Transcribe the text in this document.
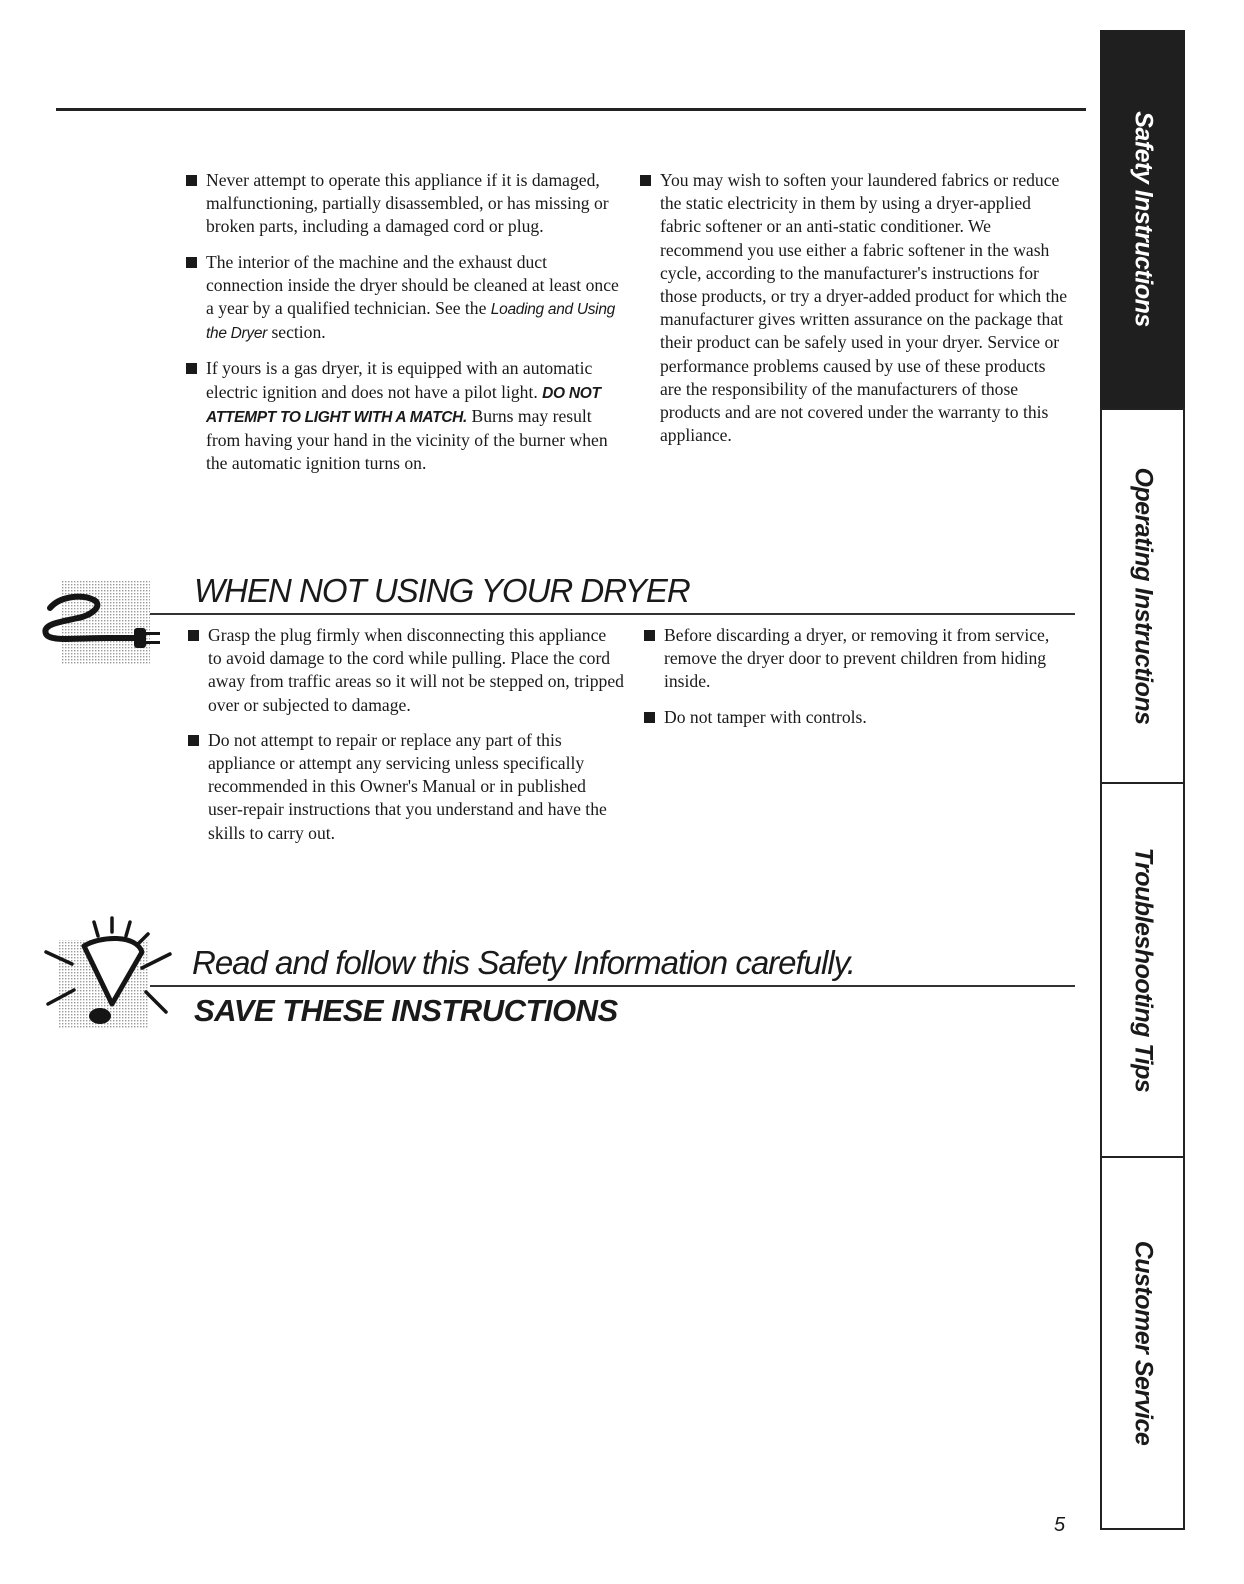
Never attempt to operate this appliance if it is damaged, malfunctioning, partially disassembled, or has missing or broken parts, including a damaged cord or plug.

The interior of the machine and the exhaust duct connection inside the dryer should be cleaned at least once a year by a qualified technician. See the Loading and Using the Dryer section.

If yours is a gas dryer, it is equipped with an automatic electric ignition and does not have a pilot light. DO NOT ATTEMPT TO LIGHT WITH A MATCH. Burns may result from having your hand in the vicinity of the burner when the automatic ignition turns on.

You may wish to soften your laundered fabrics or reduce the static electricity in them by using a dryer-applied fabric softener or an anti-static conditioner. We recommend you use either a fabric softener in the wash cycle, according to the manufacturer's instructions for those products, or try a dryer-added product for which the manufacturer gives written assurance on the package that their product can be safely used in your dryer. Service or performance problems caused by use of these products are the responsibility of the manufacturers of those products and are not covered under the warranty to this appliance.

WHEN NOT USING YOUR DRYER

Grasp the plug firmly when disconnecting this appliance to avoid damage to the cord while pulling. Place the cord away from traffic areas so it will not be stepped on, tripped over or subjected to damage.

Do not attempt to repair or replace any part of this appliance or attempt any servicing unless specifically recommended in this Owner's Manual or in published user-repair instructions that you understand and have the skills to carry out.

Before discarding a dryer, or removing it from service, remove the dryer door to prevent children from hiding inside.

Do not tamper with controls.

Read and follow this Safety Information carefully.
SAVE THESE INSTRUCTIONS
Safety Instructions
Operating Instructions
Troubleshooting Tips
Customer Service
5
